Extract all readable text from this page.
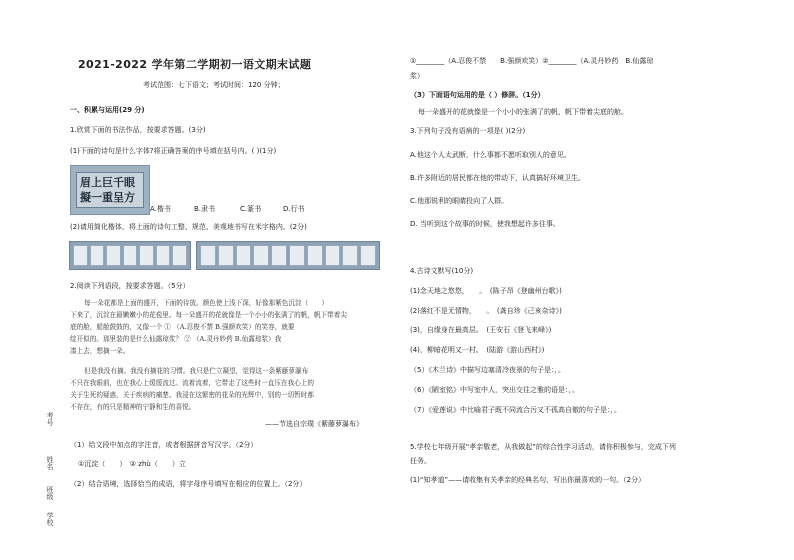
2021-2022 学年第二学期初一语文期末试题
考试范围：七下语文；考试时间：120 分钟；
一、积累与运用(29 分)
1.欣赏下面的书法作品，按要求答题。(3分)
(1)下面的诗句是什么字体?将正确答案的序号填在括号内。( )(1分)
眉上巨千眼 擬一重呈方
A.楷书	B.隶书	C.篆书	D.行书
(2)请用简化楷体，将上面的诗句工整、规范、美观地书写在米字格内。(2分)
2.阅读下列语段，按要求答题。（5分）
每一朵花都是上面的盛开，下面的待放。颜色使上浅下深，好像那紫色沉淀（　　）
下来了，沉淀在最嫩嫩小的花苞里。每一朵盛开的花就像是一个小小的张满了的帆，帆下带着尖
底的舱，船舱鼓鼓的，又像一个 ① （A.忍俊不禁 B.强颜欢笑）的笑容，就要
绽开似的。那里装的是什么仙露琼浆？ ② （A.灵丹妙药 B.仙露琼浆）我
凑上去，想摘一朵。
但是我没有摘。我没有摘花的习惯。我只是伫立凝望，觉得这一条紫藤萝瀑布
不只在我眼前，也在我心上缓缓流过。流着流着，它带走了这些时一直压在我心上的
关于生死的疑惑，关于疾病的痛楚。我浸在这繁密的花朵的光辉中，别的一切暂时都
不存在，有的只是精神的宁静和生的喜悦。
——节选自宗璞《紫藤萝瀑布》
（1）给文段中加点的字注音，或者根据拼音写汉字。（2分）
①沉淀（　　）　② zhù（　　）立
（2）结合语境，选择恰当的成语，将字母序号填写在相应的位置上。（2分）
学校
班级
姓名
考号
①________（A.忍俊不禁　　B.强颜欢笑）②________（A.灵丹妙药　B.仙露琼
浆）
（3）下面语句运用的是（ ）修辞。（1分）
每一朵盛开的花就像是一个小小的张满了的帆，帆下带着尖底的舱。
3.下列句子没有语病的一项是( )(2分)
A.他这个人太武断，什么事都不愿听取别人的意见。
B.许多附近的居民都在他的带动下，认真搞好环境卫生。
C.他那锐利的眼睛投向了人群。
D. 当听到这个故事的时候，使我想起许多往事。
4.古诗文默写(10分)
(1)念天地之悠悠，　　。　(陈子昂《登幽州台歌》)
(2)落红不是无情物，　　。　(龚自珍《己亥杂诗》)
(3)，自缘身在最高层。　(王安石《登飞来峰》)
(4)，柳暗花明又一村。　(陆游《游山西村》)
（5）《木兰诗》中描写边塞清冷夜景的句子是：，。
（6）《陋室铭》中写室中人，突出交往之雅的语是：，。
（7）《爱莲说》中比喻君子既不同流合污又不孤高自傲的句子是：，。
5.学校七年级开展“孝亲敬老，从我做起”的综合性学习活动，请你积极参与，完成下列
任务。
(1)“知孝道”——请收集有关孝亲的经典名句，写出你最喜欢的一句。（2分）
